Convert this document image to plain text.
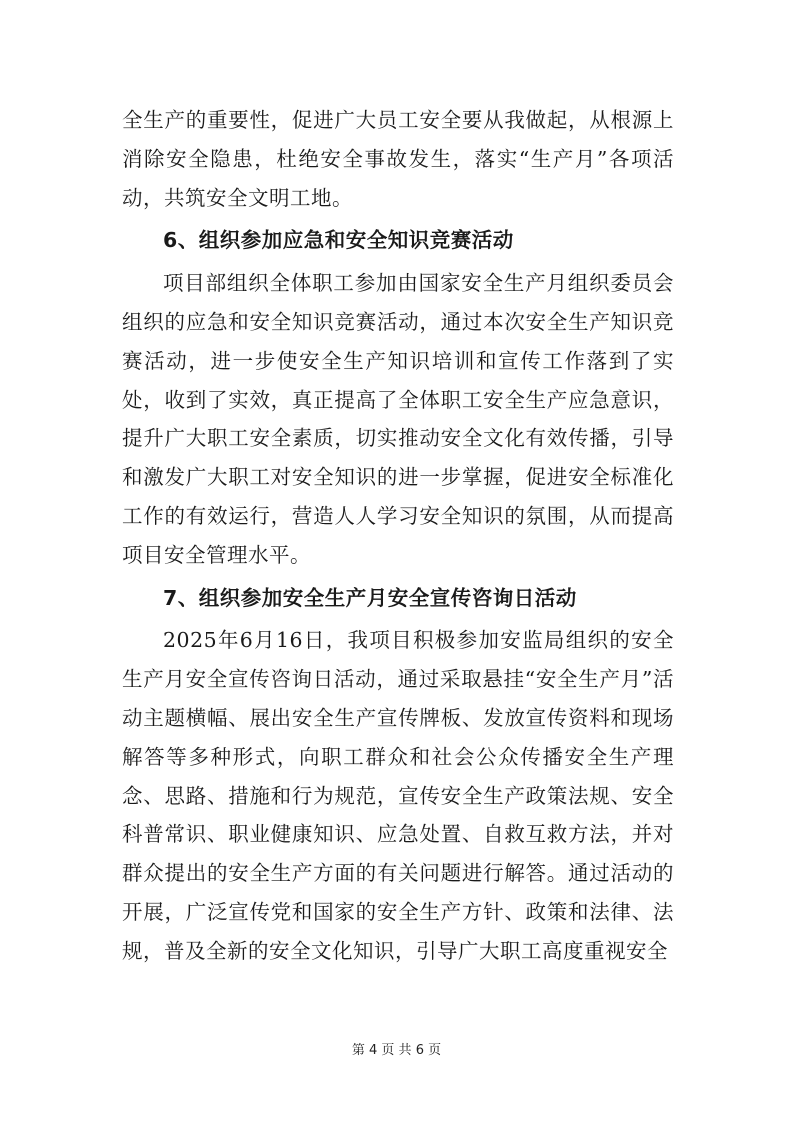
全生产的重要性，促进广大员工安全要从我做起，从根源上消除安全隐患，杜绝安全事故发生，落实“生产月”各项活动，共筑安全文明工地。

6、组织参加应急和安全知识竞赛活动

项目部组织全体职工参加由国家安全生产月组织委员会组织的应急和安全知识竞赛活动，通过本次安全生产知识竞赛活动，进一步使安全生产知识培训和宣传工作落到了实处，收到了实效，真正提高了全体职工安全生产应急意识，提升广大职工安全素质，切实推动安全文化有效传播，引导和激发广大职工对安全知识的进一步掌握，促进安全标准化工作的有效运行，营造人人学习安全知识的氛围，从而提高项目安全管理水平。

7、组织参加安全生产月安全宣传咨询日活动

2025年6月16日，我项目积极参加安监局组织的安全生产月安全宣传咨询日活动，通过采取悬挂“安全生产月”活动主题横幅、展出安全生产宣传牌板、发放宣传资料和现场解答等多种形式，向职工群众和社会公众传播安全生产理念、思路、措施和行为规范，宣传安全生产政策法规、安全科普常识、职业健康知识、应急处置、自救互救方法，并对群众提出的安全生产方面的有关问题进行解答。通过活动的开展，广泛宣传党和国家的安全生产方针、政策和法律、法规，普及全新的安全文化知识，引导广大职工高度重视安全

第 4 页 共 6 页
